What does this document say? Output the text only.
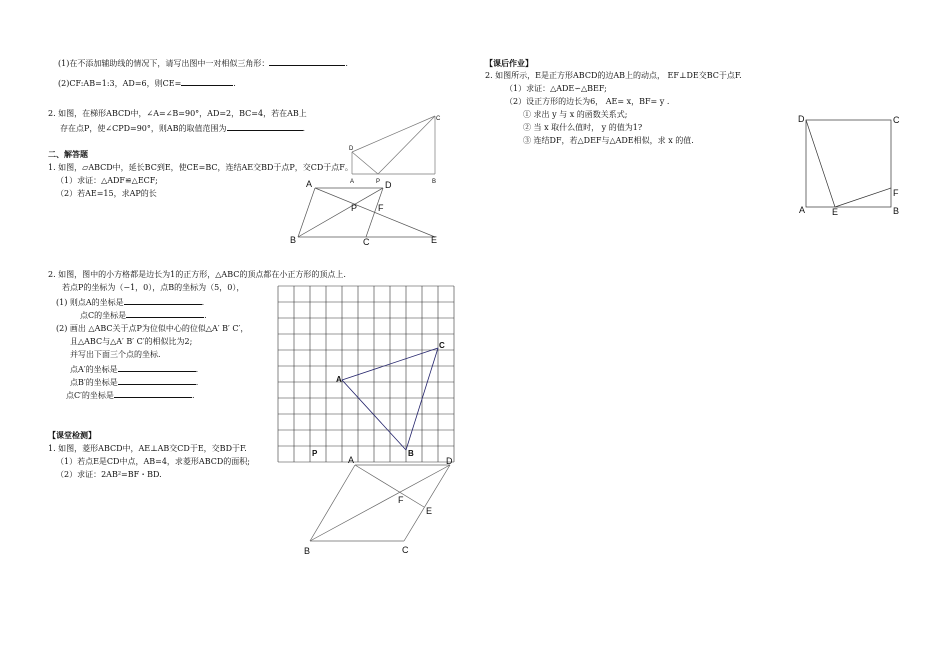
(1)在不添加辅助线的情况下，请写出图中一对相似三角形：	.
(2)CF:AB=1:3，AD=6，则CE=	.
2. 如图，在梯形ABCD中，∠A=∠B=90°，AD=2，BC=4，若在AB上
存在点P，使∠CPD=90°，则AB的取值范围为	.
二、解答题
1. 如图，▱ABCD中，延长BC到E，使CE=BC，连结AE交BD于点P，交CD于点F。
（1）求证：△ADF≌△ECF;
（2）若AE=15，求AP的长
2. 如图，图中的小方格都是边长为1的正方形，△ABC的顶点都在小正方形的顶点上.
若点P的坐标为（−1，0），点B的坐标为（5，0），
(1) 则点A的坐标是	.
点C的坐标是	.
(2) 画出 △ABC关于点P为位似中心的位似△A′ B′ C′，
且△ABC与△A′ B′ C′的相似比为2;
并写出下面三个点的坐标.
点A′的坐标是	.
点B′的坐标是	.
点C′的坐标是	.
【课堂检测】
1. 如图，菱形ABCD中，AE⊥AB交CD于E，交BD于F.
（1）若点E是CD中点，AB=4，求菱形ABCD的面积;
（2）求证：2AB²=BF・BD.
【课后作业】
2. 如图所示，E是正方形ABCD的边AB上的动点， EF⊥DE交BC于点F.
（1）求证：△ADE∽△BEF;
（2）设正方形的边长为6， AE= x，BF= y .
① 求出 y 与 x 的函数关系式;
② 当 x 取什么值时， y 的值为1?
③ 连结DF，若△DEF与△ADE相似，求 x 的值.
D
A	P	B
C
A	D
P F
B	C	E
A
C
B
P
A	D
F
E
B	C
D	C
F
A	E	B
